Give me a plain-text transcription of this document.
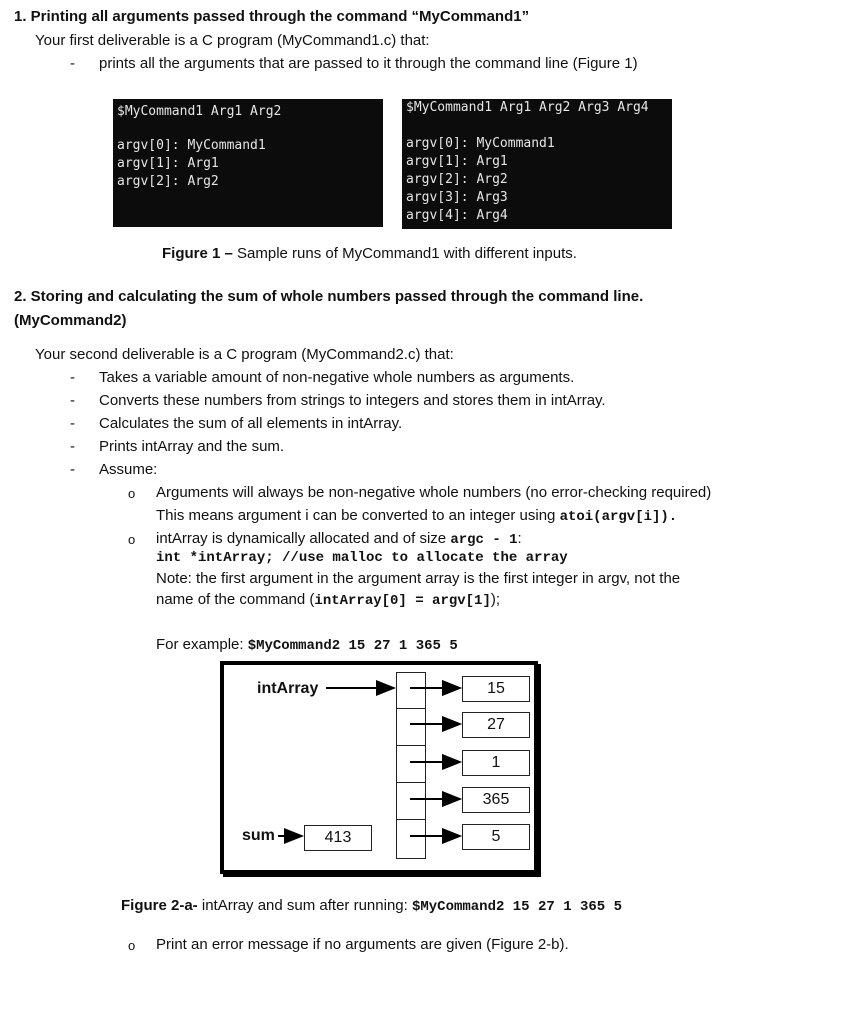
1. Printing all arguments passed through the command “MyCommand1”
Your first deliverable is a C program (MyCommand1.c) that:
- prints all the arguments that are passed to it through the command line (Figure 1)
$MyCommand1 Arg1 Arg2
argv[0]: MyCommand1
argv[1]: Arg1
argv[2]: Arg2
$MyCommand1 Arg1 Arg2 Arg3 Arg4
argv[0]: MyCommand1
argv[1]: Arg1
argv[2]: Arg2
argv[3]: Arg3
argv[4]: Arg4
Figure 1 – Sample runs of MyCommand1 with different inputs.
2. Storing and calculating the sum of whole numbers passed through the command line.
(MyCommand2)
Your second deliverable is a C program (MyCommand2.c) that:
- Takes a variable amount of non-negative whole numbers as arguments.
- Converts these numbers from strings to integers and stores them in intArray.
- Calculates the sum of all elements in intArray.
- Prints intArray and the sum.
- Assume:
o Arguments will always be non-negative whole numbers (no error-checking required)
This means argument i can be converted to an integer using atoi(argv[i]).
o intArray is dynamically allocated and of size argc - 1:
int *intArray; //use malloc to allocate the array
Note: the first argument in the argument array is the first integer in argv, not the
name of the command (intArray[0] = argv[1]);
For example: $MyCommand2 15 27 1 365 5
intArray	15
27
1
365
5
sum	413
Figure 2-a- intArray and sum after running: $MyCommand2 15 27 1 365 5
o Print an error message if no arguments are given (Figure 2-b).
